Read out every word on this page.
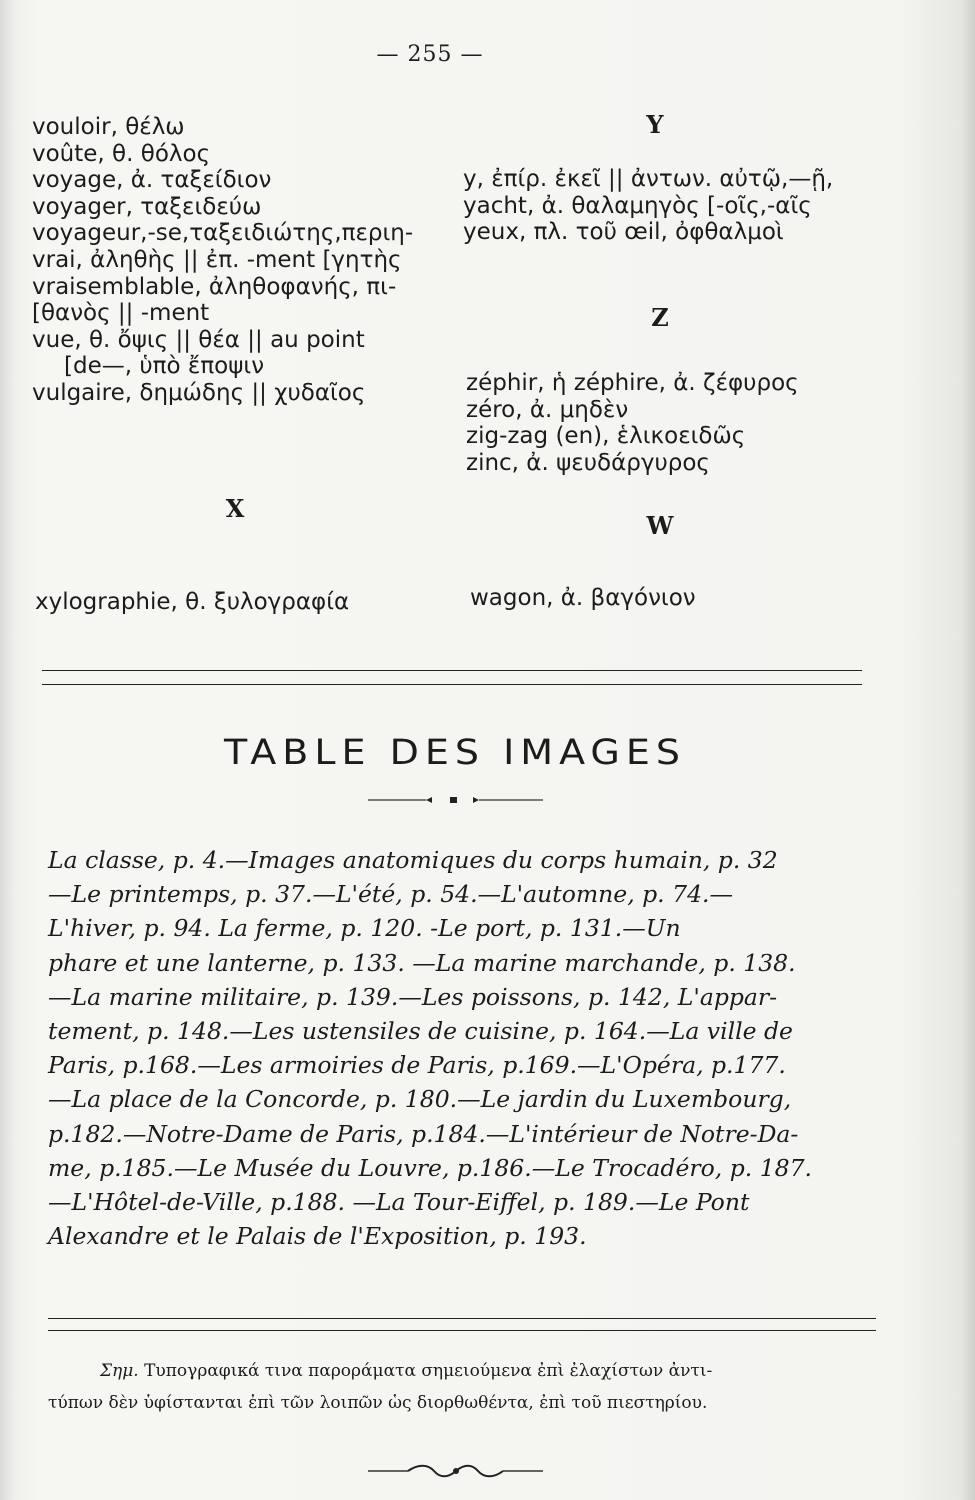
— 255 —
vouloir, θέλω
voûte, θ. θόλος
voyage, ἀ. ταξείδιον
voyager, ταξειδεύω
voyageur,-se,ταξειδιώτης,περιη-
vrai, ἀληθὴς || ἐπ. -ment [γητὴς
vraisemblable, ἀληθοφανής, πι-
[θανὸς || -ment
vue, θ. ὄψις || θέα || au point
[de—, ὑπὸ ἔποψιν
vulgaire, δημώδης || χυδαῖος
Y
Z
X
W
y, ἐπίρ. ἐκεῖ || ἀντων. αὐτῷ,—ῇ,
yacht, ἀ. θαλαμηγὸς [-οῖς,-αῖς
yeux, πλ. τοῦ œil, ὀφθαλμοὶ
zéphir, ἡ zéphire, ἀ. ζέφυρος
zéro, ἀ. μηδὲν
zig-zag (en), ἑλικοειδῶς
zinc, ἀ. ψευδάργυρος
xylographie, θ. ξυλογραφία	wagon, ἀ. βαγόνιον
TABLE DES IMAGES
La classe, p. 4.—Images anatomiques du corps humain, p. 32
—Le printemps, p. 37.—L'été, p. 54.—L'automne, p. 74.—
L'hiver, p. 94. La ferme, p. 120. -Le port, p. 131.—Un
phare et une lanterne, p. 133. —La marine marchande, p. 138.
—La marine militaire, p. 139.—Les poissons, p. 142, L'appar-
tement, p. 148.—Les ustensiles de cuisine, p. 164.—La ville de
Paris, p.168.—Les armoiries de Paris, p.169.—L'Opéra, p.177.
—La place de la Concorde, p. 180.—Le jardin du Luxembourg,
p.182.—Notre-Dame de Paris, p.184.—L'intérieur de Notre-Da-
me, p.185.—Le Musée du Louvre, p.186.—Le Trocadéro, p. 187.
—L'Hôtel-de-Ville, p.188. —La Tour-Eiffel, p. 189.—Le Pont
Alexandre et le Palais de l'Exposition, p. 193.
Σημ. Τυπογραφικά τινα παροράματα σημειούμενα ἐπὶ ἐλαχίστων ἀντι-
τύπων δὲν ὑφίστανται ἐπὶ τῶν λοιπῶν ὡς διορθωθέντα, ἐπὶ τοῦ πιεστηρίου.
